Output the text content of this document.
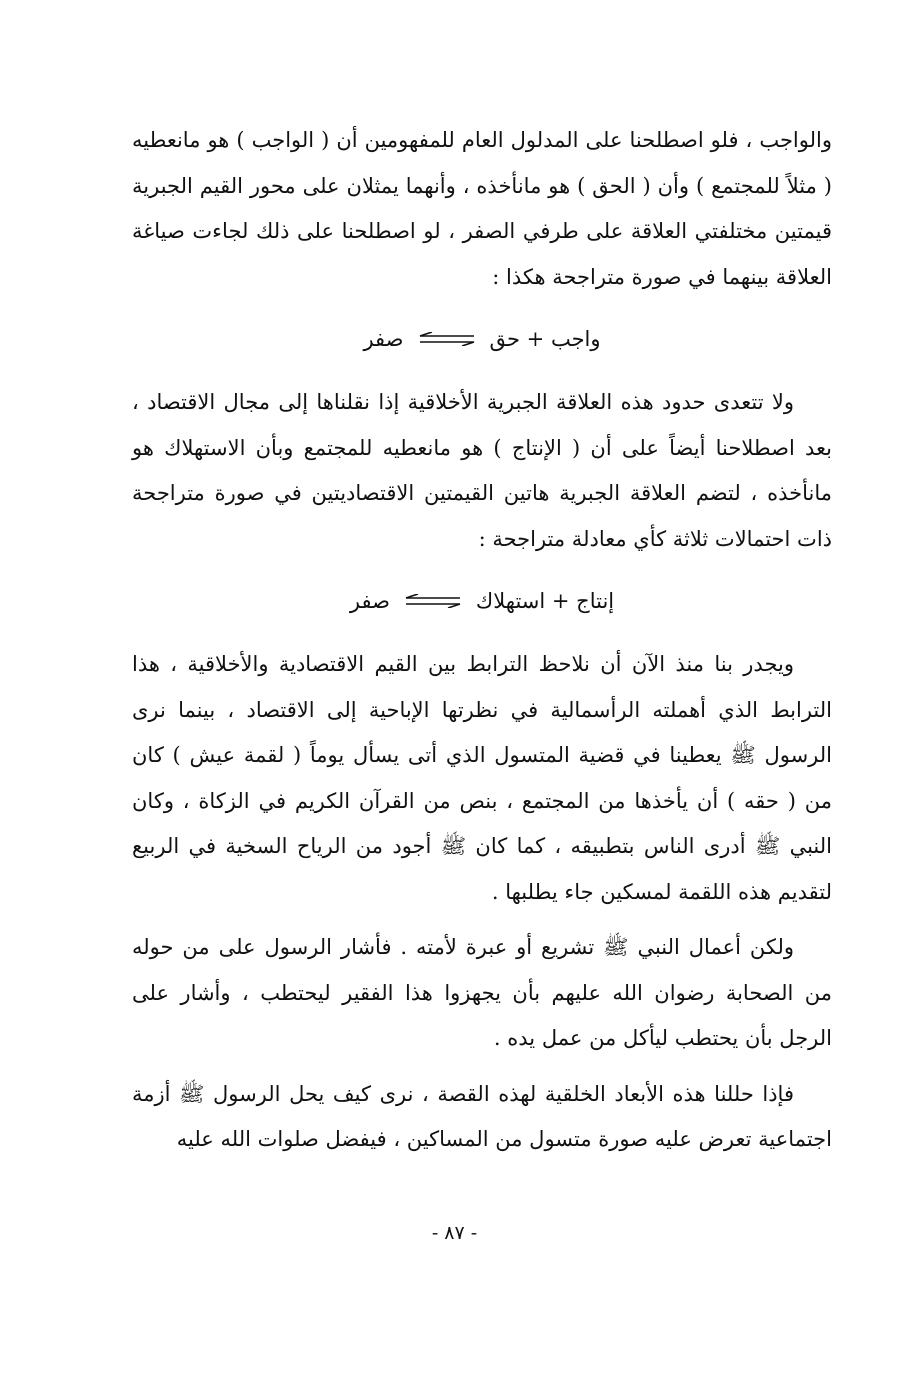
والواجب ، فلو اصطلحنا على المدلول العام للمفهومين أن ( الواجب ) هو مانعطيه ( مثلاً للمجتمع ) وأن ( الحق ) هو مانأخذه ، وأنهما يمثلان على محور القيم الجبرية قيمتين مختلفتي العلاقة على طرفي الصفر ، لو اصطلحنا على ذلك لجاءت صياغة العلاقة بينهما في صورة متراجحة هكذا :

واجب + حق
صفر

ولا تتعدى حدود هذه العلاقة الجبرية الأخلاقية إذا نقلناها إلى مجال الاقتصاد ، بعد اصطلاحنا أيضاً على أن ( الإنتاج ) هو مانعطيه للمجتمع وبأن الاستهلاك هو مانأخذه ، لتضم العلاقة الجبرية هاتين القيمتين الاقتصاديتين في صورة متراجحة ذات احتمالات ثلاثة كأي معادلة متراجحة :

إنتاج + استهلاك
صفر

ويجدر بنا منذ الآن أن نلاحظ الترابط بين القيم الاقتصادية والأخلاقية ، هذا الترابط الذي أهملته الرأسمالية في نظرتها الإباحية إلى الاقتصاد ، بينما نرى الرسول ﷺ يعطينا في قضية المتسول الذي أتى يسأل يوماً ( لقمة عيش ) كان من ( حقه ) أن يأخذها من المجتمع ، بنص من القرآن الكريم في الزكاة ، وكان النبي ﷺ أدرى الناس بتطبيقه ، كما كان ﷺ أجود من الرياح السخية في الربيع لتقديم هذه اللقمة لمسكين جاء يطلبها .

ولكن أعمال النبي ﷺ تشريع أو عبرة لأمته . فأشار الرسول على من حوله من الصحابة رضوان الله عليهم بأن يجهزوا هذا الفقير ليحتطب ، وأشار على الرجل بأن يحتطب ليأكل من عمل يده .

فإذا حللنا هذه الأبعاد الخلقية لهذه القصة ، نرى كيف يحل الرسول ﷺ أزمة اجتماعية تعرض عليه صورة متسول من المساكين ، فيفضل صلوات الله عليه

- ٨٧ -
